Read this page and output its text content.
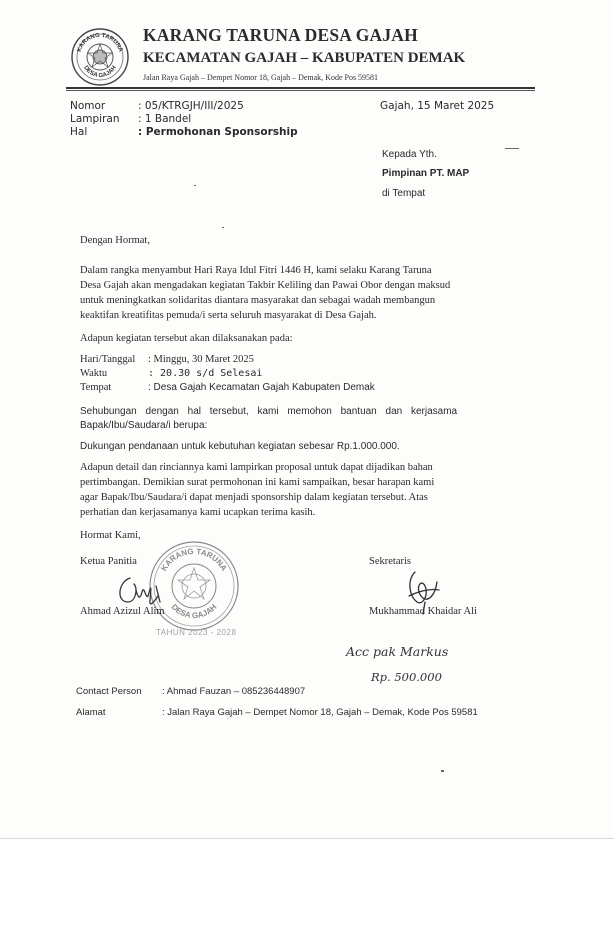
KARANG TARUNA
DESA GAJAH
KARANG TARUNA DESA GAJAH
KECAMATAN GAJAH – KABUPATEN DEMAK
Jalan Raya Gajah – Dempet Nomor 18, Gajah – Demak, Kode Pos 59581
Nomor	: 05/KTRGJH/III/2025
Lampiran : 1 Bandel
Hal	: Permohonan Sponsorship
Gajah, 15 Maret 2025
Kepada Yth.
Pimpinan PT. MAP
di Tempat
Dengan Hormat,
Dalam rangka menyambut Hari Raya Idul Fitri 1446 H, kami selaku Karang Taruna
Desa Gajah akan mengadakan kegiatan Takbir Keliling dan Pawai Obor dengan maksud
untuk meningkatkan solidaritas diantara masyarakat dan sebagai wadah membangun
keaktifan kreatifitas pemuda/i serta seluruh masyarakat di Desa Gajah.
Adapun kegiatan tersebut akan dilaksanakan pada:
Hari/Tanggal : Minggu, 30 Maret 2025
Waktu	: 20.30 s/d Selesai
Tempat	: Desa Gajah Kecamatan Gajah Kabupaten Demak
Sehubungan dengan hal tersebut, kami memohon bantuan dan kerjasama
Bapak/Ibu/Saudara/i berupa:
Dukungan pendanaan untuk kebutuhan kegiatan sebesar Rp.1.000.000.
Adapun detail dan rinciannya kami lampirkan proposal untuk dapat dijadikan bahan
pertimbangan. Demikian surat permohonan ini kami sampaikan, besar harapan kami
agar Bapak/Ibu/Saudara/i dapat menjadi sponsorship dalam kegiatan tersebut. Atas
perhatian dan kerjasamanya kami ucapkan terima kasih.
Hormat Kami,
KARANG TARUNA
DESA GAJAH
TAHUN 2023 - 2028
Ketua Panitia
Ahmad Azizul Alim
Sekretaris
Mukhammad Khaidar Ali
Acc pak Markus
Rp. 500.000
Contact Person : Ahmad Fauzan – 085236448907
Alamat	: Jalan Raya Gajah – Dempet Nomor 18, Gajah – Demak, Kode Pos 59581
